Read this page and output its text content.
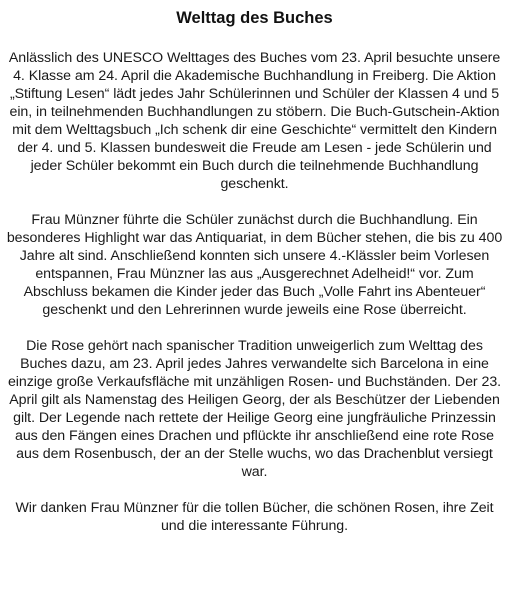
Welttag des Buches

Anlässlich des UNESCO Welttages des Buches vom 23. April besuchte unsere 4. Klasse am 24. April die Akademische Buchhandlung in Freiberg. Die Aktion „Stiftung Lesen“ lädt jedes Jahr Schülerinnen und Schüler der Klassen 4 und 5 ein, in teilnehmenden Buchhandlungen zu stöbern. Die Buch-Gutschein-Aktion mit dem Welttagsbuch „Ich schenk dir eine Geschichte“ vermittelt den Kindern der 4. und 5. Klassen bundesweit die Freude am Lesen - jede Schülerin und jeder Schüler bekommt ein Buch durch die teilnehmende Buchhandlung geschenkt.

Frau Münzner führte die Schüler zunächst durch die Buchhandlung. Ein besonderes Highlight war das Antiquariat, in dem Bücher stehen, die bis zu 400 Jahre alt sind. Anschließend konnten sich unsere 4.-Klässler beim Vorlesen entspannen, Frau Münzner las aus „Ausgerechnet Adelheid!“ vor. Zum Abschluss bekamen die Kinder jeder das Buch „Volle Fahrt ins Abenteuer“ geschenkt und den Lehrerinnen wurde jeweils eine Rose überreicht.

Die Rose gehört nach spanischer Tradition unweigerlich zum Welttag des Buches dazu, am 23. April jedes Jahres verwandelte sich Barcelona in eine einzige große Verkaufsfläche mit unzähligen Rosen- und Buchständen. Der 23. April gilt als Namenstag des Heiligen Georg, der als Beschützer der Liebenden gilt. Der Legende nach rettete der Heilige Georg eine jungfräuliche Prinzessin aus den Fängen eines Drachen und pflückte ihr anschließend eine rote Rose aus dem Rosenbusch, der an der Stelle wuchs, wo das Drachenblut versiegt war.

Wir danken Frau Münzner für die tollen Bücher, die schönen Rosen, ihre Zeit und die interessante Führung.
